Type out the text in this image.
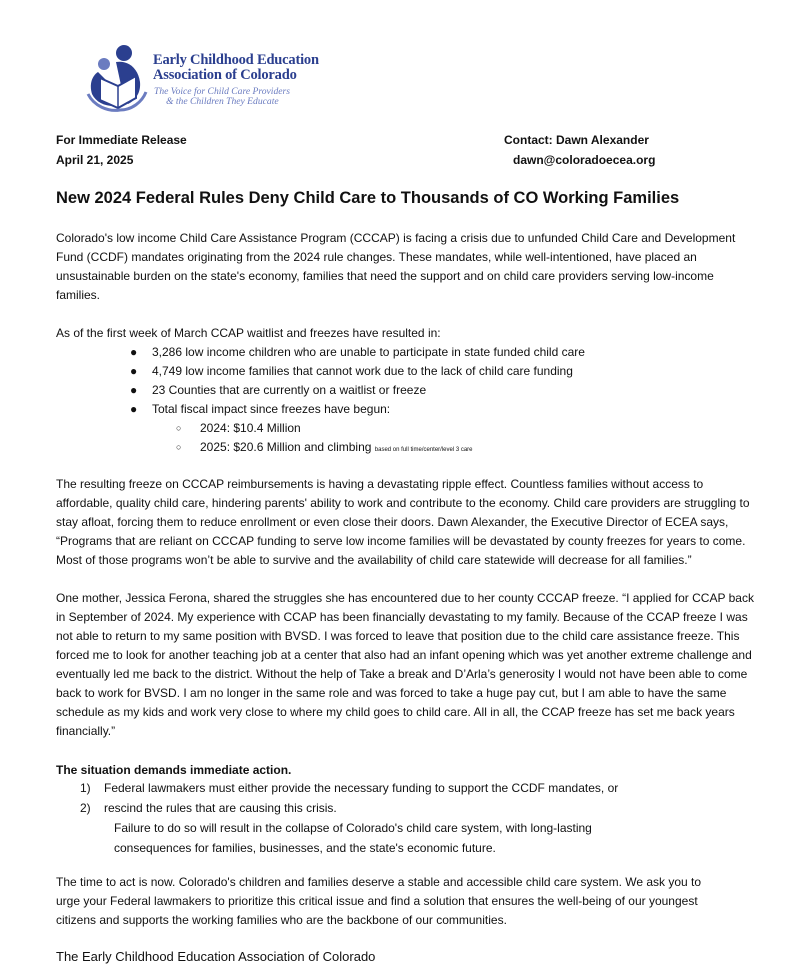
Early Childhood Education
Association of Colorado
The Voice for Child Care Providers
& the Children They Educate
For Immediate Release
April 21, 2025
Contact: Dawn Alexander
dawn@coloradoecea.org
New 2024 Federal Rules Deny Child Care to Thousands of CO Working Families

Colorado's low income Child Care Assistance Program (CCCAP) is facing a crisis due to unfunded Child Care and Development Fund (CCDF) mandates originating from the 2024 rule changes. These mandates, while well-intentioned, have placed an unsustainable burden on the state's economy, families that need the support and on child care providers serving low-income families.

As of the first week of March CCAP waitlist and freezes have resulted in:

● 3,286 low income children who are unable to participate in state funded child care
● 4,749 low income families that cannot work due to the lack of child care funding
● 23 Counties that are currently on a waitlist or freeze
● Total fiscal impact since freezes have begun:
○ 2024: $10.4 Million
○ 2025: $20.6 Million and climbing based on full time/center/level 3 care

The resulting freeze on CCCAP reimbursements is having a devastating ripple effect. Countless families without access to affordable, quality child care, hindering parents' ability to work and contribute to the economy. Child care providers are struggling to stay afloat, forcing them to reduce enrollment or even close their doors. Dawn Alexander, the Executive Director of ECEA says, “Programs that are reliant on CCCAP funding to serve low income families will be devastated by county freezes for years to come. Most of those programs won’t be able to survive and the availability of child care statewide will decrease for all families.”

One mother, Jessica Ferona, shared the struggles she has encountered due to her county CCCAP freeze. “I applied for CCAP back in September of 2024. My experience with CCAP has been financially devastating to my family. Because of the CCAP freeze I was not able to return to my same position with BVSD. I was forced to leave that position due to the child care assistance freeze. This forced me to look for another teaching job at a center that also had an infant opening which was yet another extreme challenge and eventually led me back to the district. Without the help of Take a break and D’Arla’s generosity I would not have been able to come back to work for BVSD. I am no longer in the same role and was forced to take a huge pay cut, but I am able to have the same schedule as my kids and work very close to where my child goes to child care. All in all, the CCAP freeze has set me back years financially.”

The situation demands immediate action.
1) Federal lawmakers must either provide the necessary funding to support the CCDF mandates, or
2) rescind the rules that are causing this crisis.
Failure to do so will result in the collapse of Colorado's child care system, with long-lasting consequences for families, businesses, and the state's economic future.

The time to act is now. Colorado's children and families deserve a stable and accessible child care system. We ask you to urge your Federal lawmakers to prioritize this critical issue and find a solution that ensures the well-being of our youngest citizens and supports the working families who are the backbone of our communities.

The Early Childhood Education Association of Colorado
